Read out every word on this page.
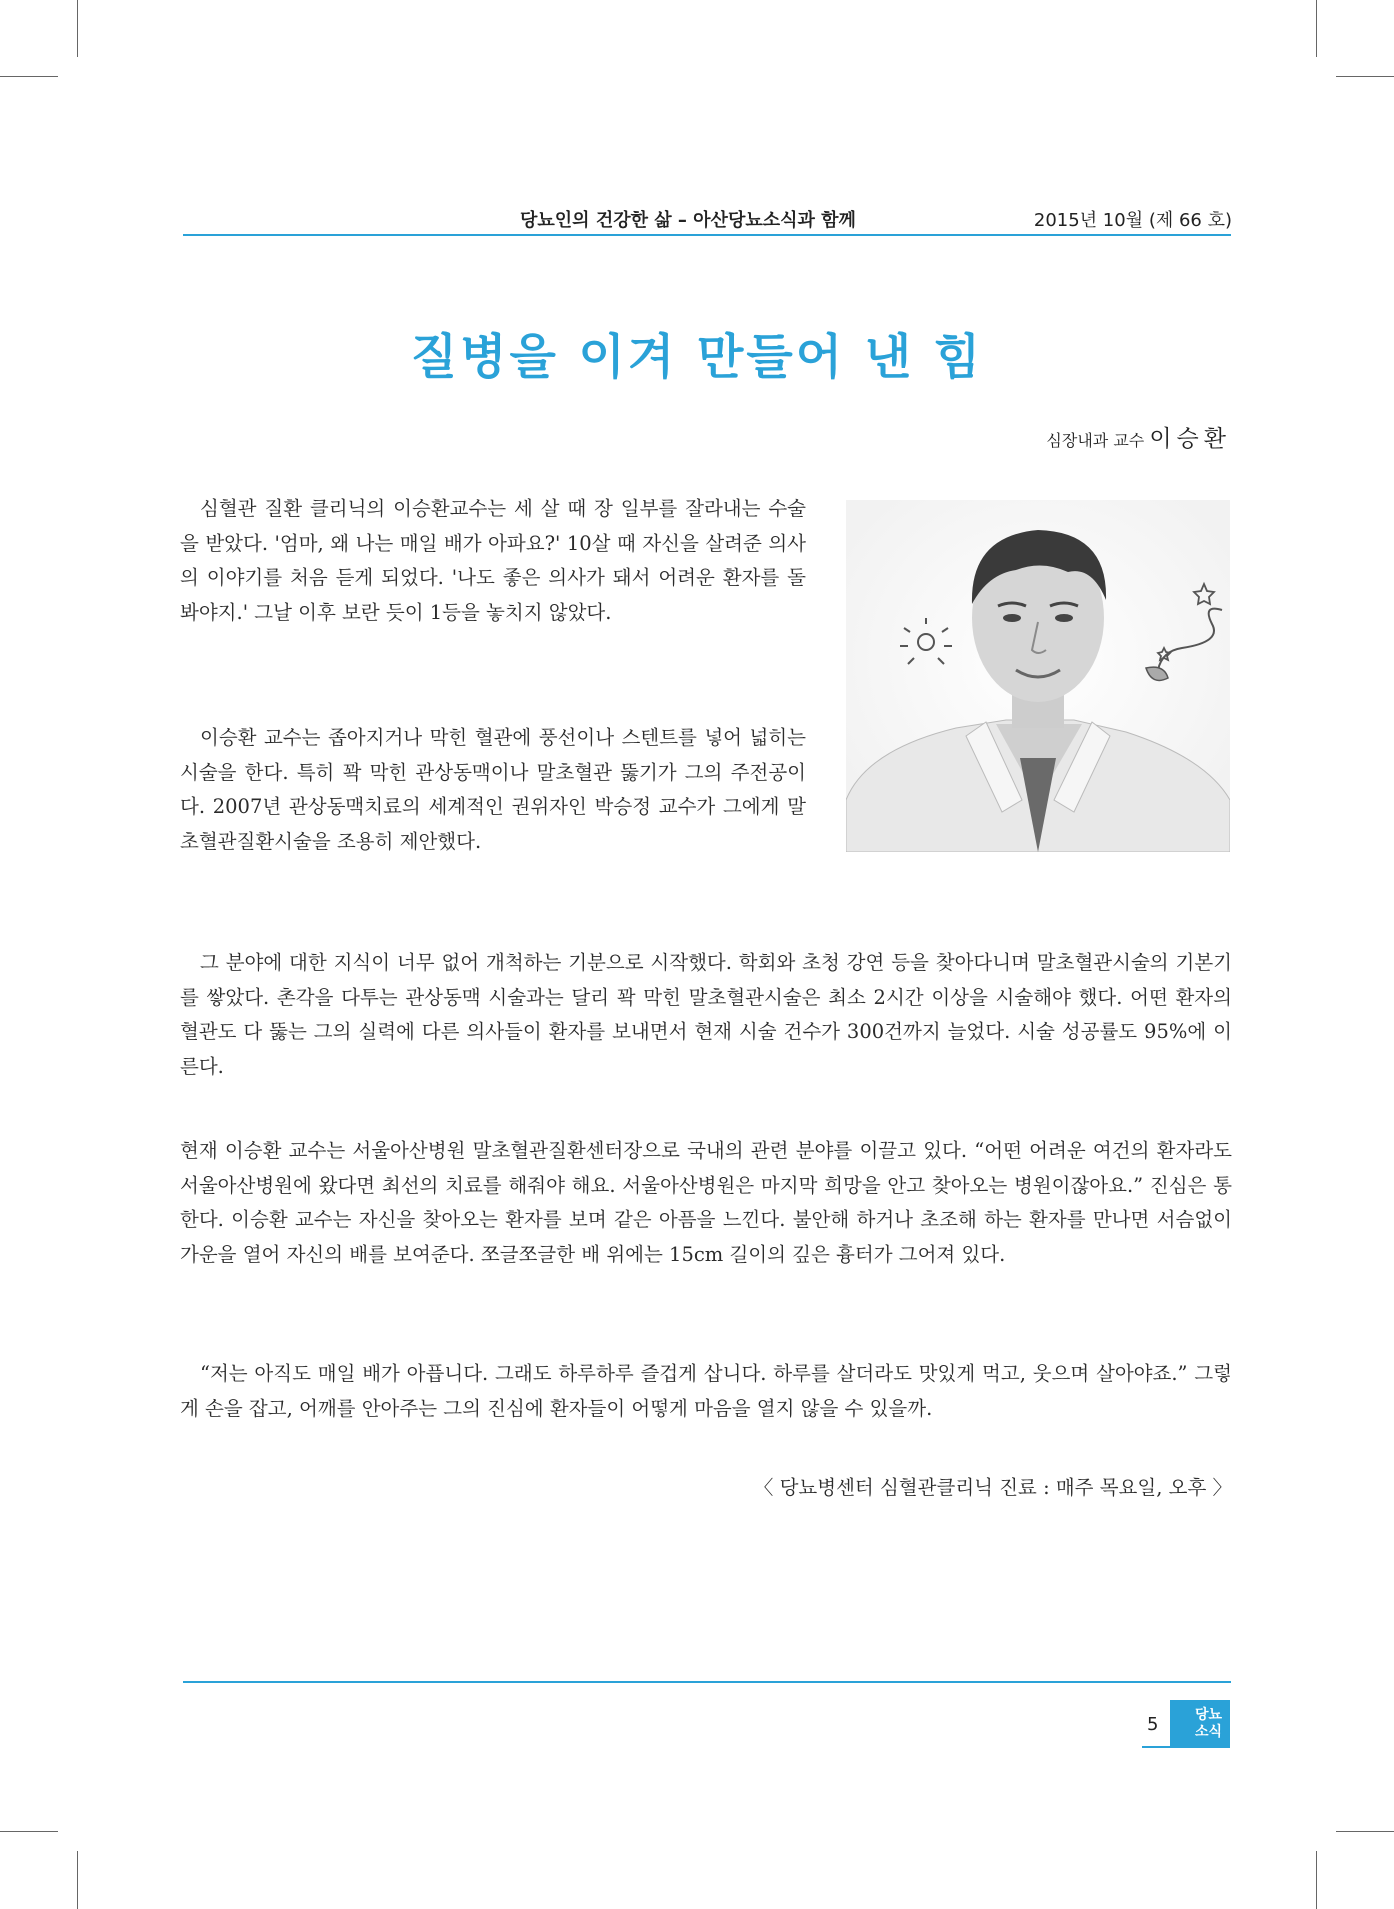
당뇨인의 건강한 삶 – 아산당뇨소식과 함께	2015년 10월 (제 66 호)
질병을 이겨 만들어 낸 힘
심장내과 교수 이승환

심혈관 질환 클리닉의 이승환교수는 세 살 때 장 일부를 잘라내는 수술을 받았다. '엄마, 왜 나는 매일 배가 아파요?' 10살 때 자신을 살려준 의사의 이야기를 처음 듣게 되었다. '나도 좋은 의사가 돼서 어려운 환자를 돌봐야지.' 그날 이후 보란 듯이 1등을 놓치지 않았다.

이승환 교수는 좁아지거나 막힌 혈관에 풍선이나 스텐트를 넣어 넓히는 시술을 한다. 특히 꽉 막힌 관상동맥이나 말초혈관 뚫기가 그의 주전공이다. 2007년 관상동맥치료의 세계적인 권위자인 박승정 교수가 그에게 말초혈관질환시술을 조용히 제안했다.

그 분야에 대한 지식이 너무 없어 개척하는 기분으로 시작했다. 학회와 초청 강연 등을 찾아다니며 말초혈관시술의 기본기를 쌓았다. 촌각을 다투는 관상동맥 시술과는 달리 꽉 막힌 말초혈관시술은 최소 2시간 이상을 시술해야 했다. 어떤 환자의 혈관도 다 뚫는 그의 실력에 다른 의사들이 환자를 보내면서 현재 시술 건수가 300건까지 늘었다. 시술 성공률도 95%에 이른다.

현재 이승환 교수는 서울아산병원 말초혈관질환센터장으로 국내의 관련 분야를 이끌고 있다. “어떤 어려운 여건의 환자라도 서울아산병원에 왔다면 최선의 치료를 해줘야 해요. 서울아산병원은 마지막 희망을 안고 찾아오는 병원이잖아요.” 진심은 통한다. 이승환 교수는 자신을 찾아오는 환자를 보며 같은 아픔을 느낀다. 불안해 하거나 초조해 하는 환자를 만나면 서슴없이 가운을 열어 자신의 배를 보여준다. 쪼글쪼글한 배 위에는 15cm 길이의 깊은 흉터가 그어져 있다.

“저는 아직도 매일 배가 아픕니다. 그래도 하루하루 즐겁게 삽니다. 하루를 살더라도 맛있게 먹고, 웃으며 살아야죠.” 그렇게 손을 잡고, 어깨를 안아주는 그의 진심에 환자들이 어떻게 마음을 열지 않을 수 있을까.

〈 당뇨병센터 심혈관클리닉 진료 : 매주 목요일, 오후 〉
5	당뇨
소식
